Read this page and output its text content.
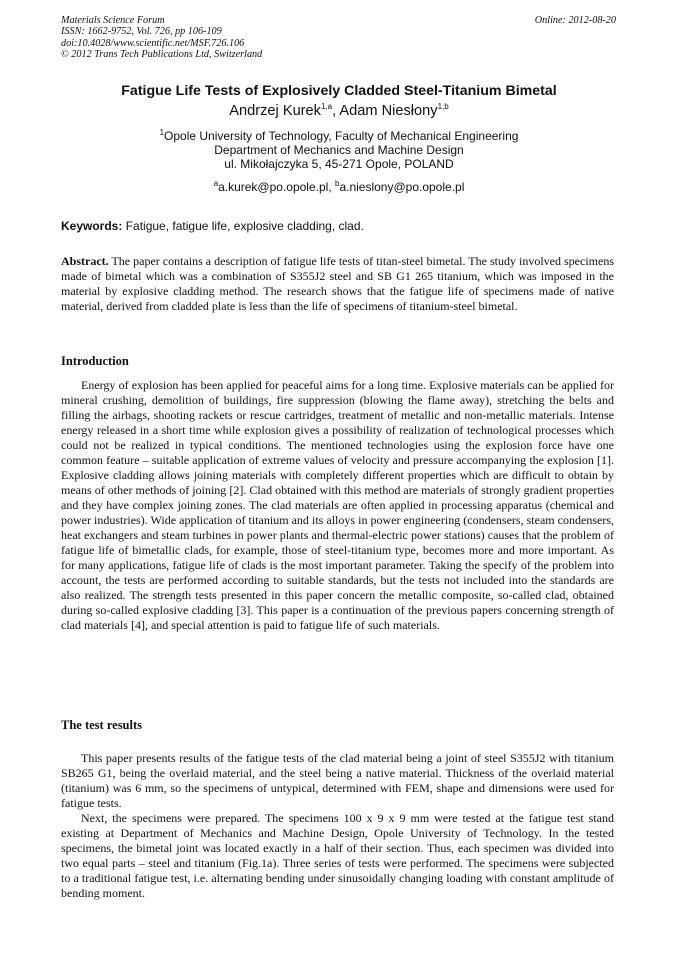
Materials Science Forum
ISSN: 1662-9752, Vol. 726, pp 106-109
doi:10.4028/www.scientific.net/MSF.726.106
© 2012 Trans Tech Publications Ltd, Switzerland
Online: 2012-08-20
Fatigue Life Tests of Explosively Cladded Steel-Titanium Bimetal
Andrzej Kurek$^{1,a}$, Adam Niesłony$^{1,b}$
$^1$Opole University of Technology, Faculty of Mechanical Engineering
Department of Mechanics and Machine Design
ul. Mikołajczyka 5, 45-271 Opole, POLAND
$^a$a.kurek@po.opole.pl, $^b$a.nieslony@po.opole.pl
Keywords: Fatigue, fatigue life, explosive cladding, clad.
Abstract. The paper contains a description of fatigue life tests of titan-steel bimetal. The study involved specimens made of bimetal which was a combination of S355J2 steel and SB G1 265 titanium, which was imposed in the material by explosive cladding method. The research shows that the fatigue life of specimens made of native material, derived from cladded plate is less than the life of specimens of titanium-steel bimetal.
Introduction

Energy of explosion has been applied for peaceful aims for a long time. Explosive materials can be applied for mineral crushing, demolition of buildings, fire suppression (blowing the flame away), stretching the belts and filling the airbags, shooting rackets or rescue cartridges, treatment of metallic and non-metallic materials. Intense energy released in a short time while explosion gives a possibility of realization of technological processes which could not be realized in typical conditions. The mentioned technologies using the explosion force have one common feature – suitable application of extreme values of velocity and pressure accompanying the explosion [1]. Explosive cladding allows joining materials with completely different properties which are difficult to obtain by means of other methods of joining [2]. Clad obtained with this method are materials of strongly gradient properties and they have complex joining zones. The clad materials are often applied in processing apparatus (chemical and power industries). Wide application of titanium and its alloys in power engineering (condensers, steam condensers, heat exchangers and steam turbines in power plants and thermal-electric power stations) causes that the problem of fatigue life of bimetallic clads, for example, those of steel-titanium type, becomes more and more important. As for many applications, fatigue life of clads is the most important parameter. Taking the specify of the problem into account, the tests are performed according to suitable standards, but the tests not included into the standards are also realized. The strength tests presented in this paper concern the metallic composite, so-called clad, obtained during so-called explosive cladding [3]. This paper is a continuation of the previous papers concerning strength of clad materials [4], and special attention is paid to fatigue life of such materials.

The test results

This paper presents results of the fatigue tests of the clad material being a joint of steel S355J2 with titanium SB265 G1, being the overlaid material, and the steel being a native material. Thickness of the overlaid material (titanium) was 6 mm, so the specimens of untypical, determined with FEM, shape and dimensions were used for fatigue tests.

Next, the specimens were prepared. The specimens 100 x 9 x 9 mm were tested at the fatigue test stand existing at Department of Mechanics and Machine Design, Opole University of Technology. In the tested specimens, the bimetal joint was located exactly in a half of their section. Thus, each specimen was divided into two equal parts – steel and titanium (Fig.1a). Three series of tests were performed. The specimens were subjected to a traditional fatigue test, i.e. alternating bending under sinusoidally changing loading with constant amplitude of bending moment.
